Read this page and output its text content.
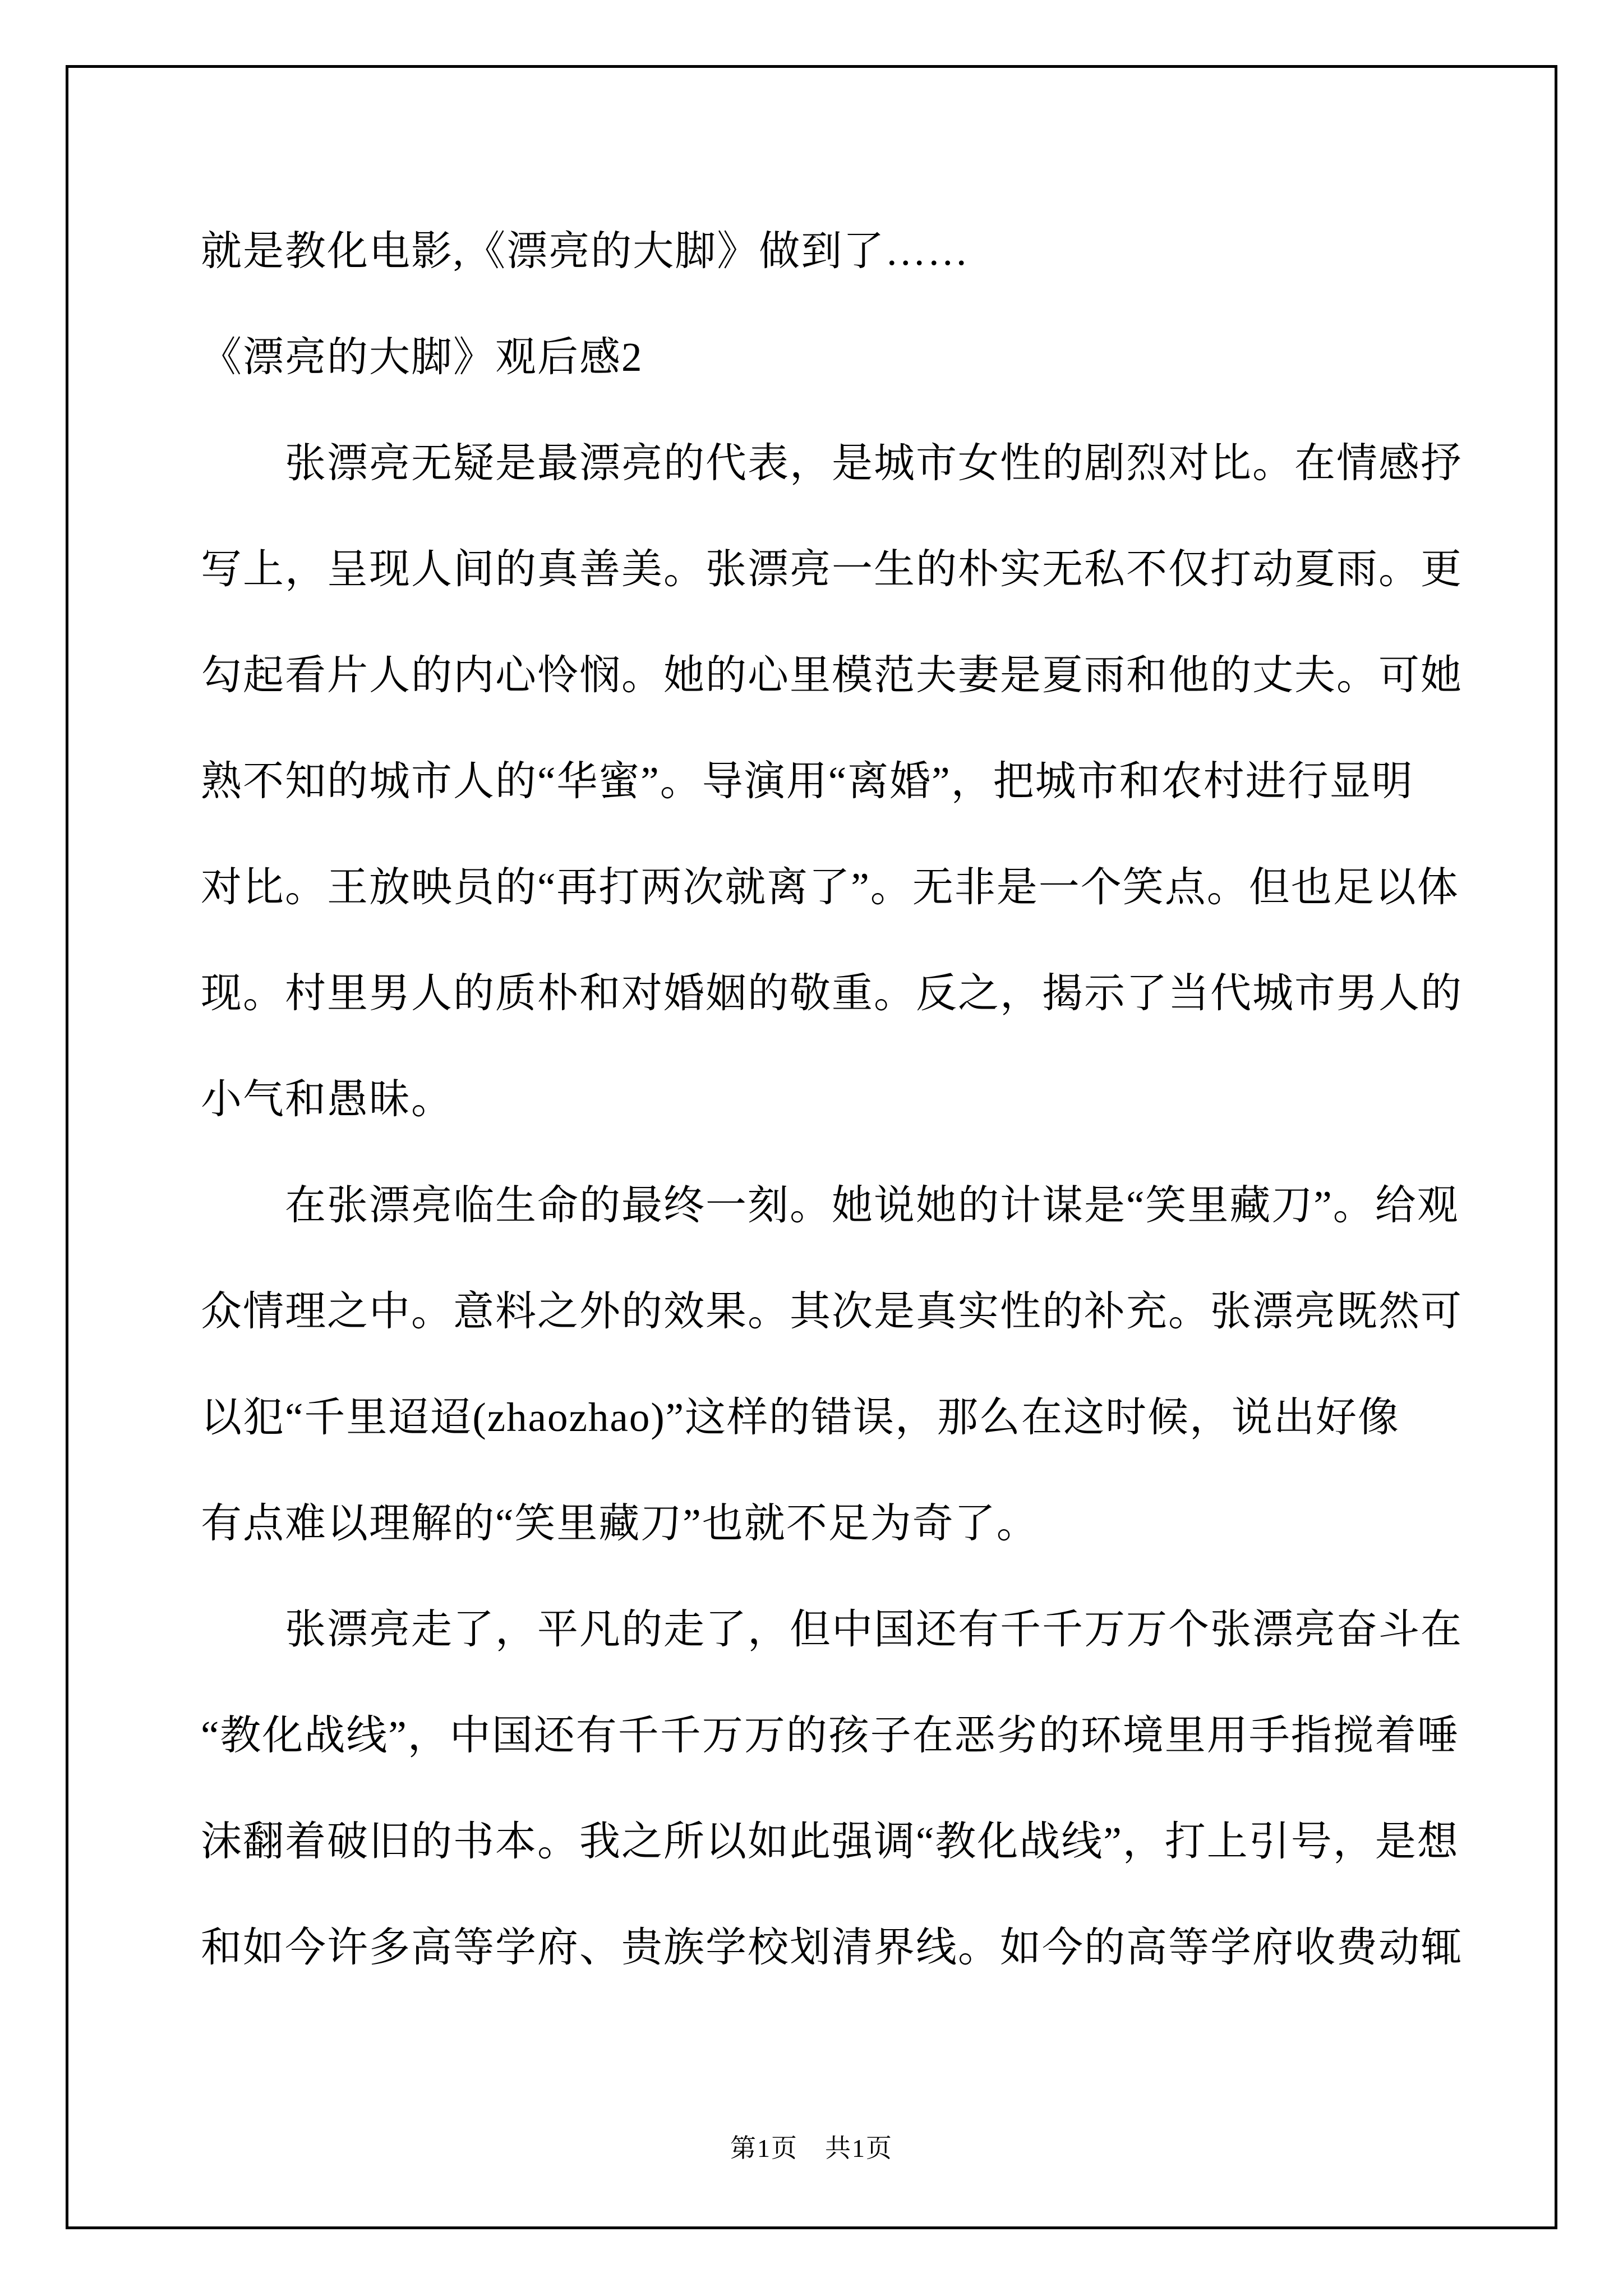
就是教化电影,《漂亮的大脚》做到了……
《漂亮的大脚》观后感2
　　张漂亮无疑是最漂亮的代表，是城市女性的剧烈对比。在情感抒
写上，呈现人间的真善美。张漂亮一生的朴实无私不仅打动夏雨。更
勾起看片人的内心怜悯。她的心里模范夫妻是夏雨和他的丈夫。可她
熟不知的城市人的“华蜜”。导演用“离婚”，把城市和农村进行显明
对比。王放映员的“再打两次就离了”。无非是一个笑点。但也足以体
现。村里男人的质朴和对婚姻的敬重。反之，揭示了当代城市男人的
小气和愚昧。
　　在张漂亮临生命的最终一刻。她说她的计谋是“笑里藏刀”。给观
众情理之中。意料之外的效果。其次是真实性的补充。张漂亮既然可
以犯“千里迢迢(zhaozhao)”这样的错误，那么在这时候，说出好像
有点难以理解的“笑里藏刀”也就不足为奇了。
　　张漂亮走了，平凡的走了，但中国还有千千万万个张漂亮奋斗在
“教化战线”，中国还有千千万万的孩子在恶劣的环境里用手指搅着唾
沫翻着破旧的书本。我之所以如此强调“教化战线”，打上引号，是想
和如今许多高等学府、贵族学校划清界线。如今的高等学府收费动辄
第1页　共1页
